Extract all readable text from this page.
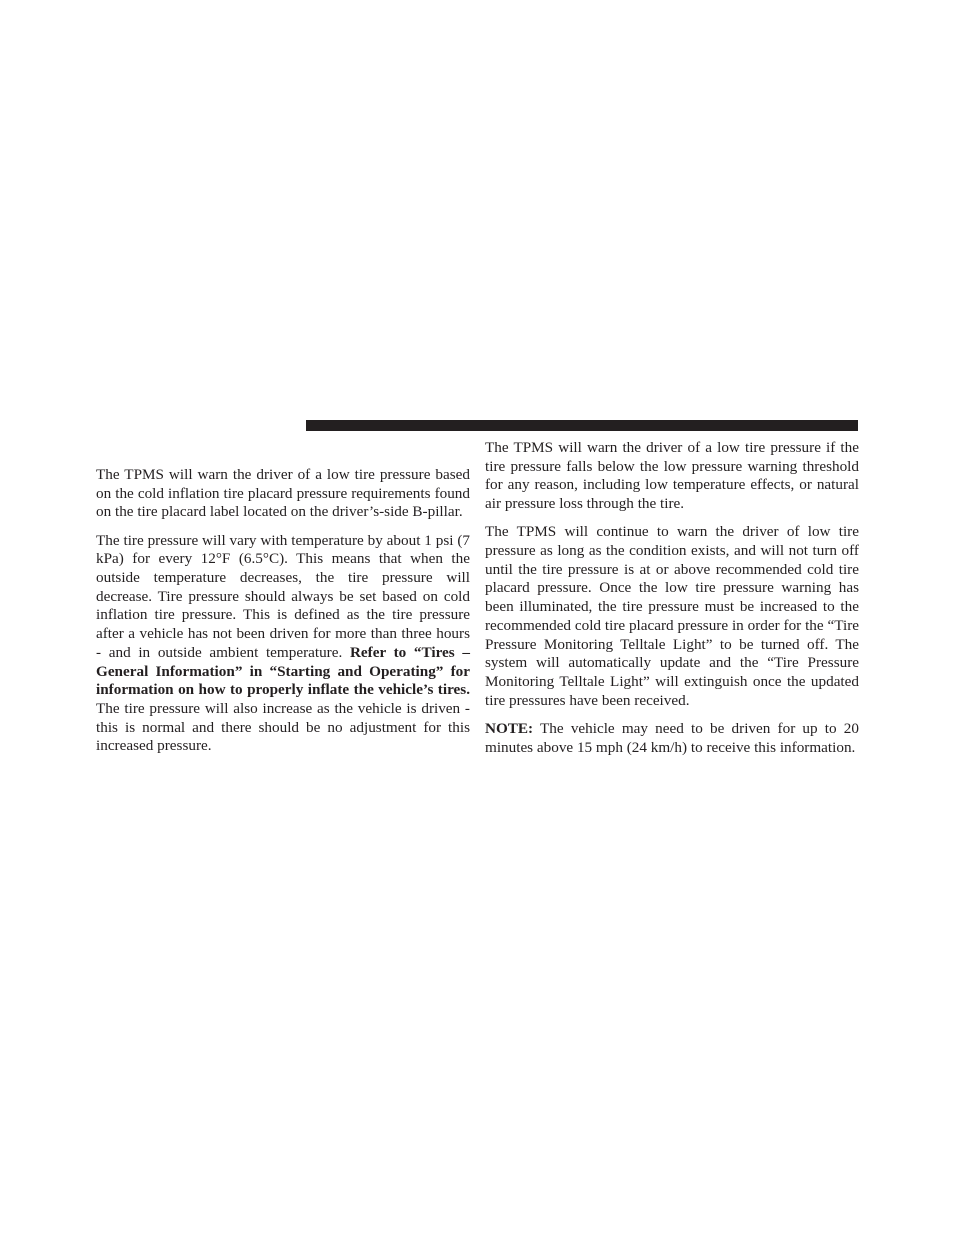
The TPMS will warn the driver of a low tire pressure based on the cold inflation tire placard pressure requirements found on the tire placard label located on the driver’s-side B-pillar.

The tire pressure will vary with temperature by about 1 psi (7 kPa) for every 12°F (6.5°C). This means that when the outside temperature decreases, the tire pressure will decrease. Tire pressure should always be set based on cold inflation tire pressure. This is defined as the tire pressure after a vehicle has not been driven for more than three hours - and in outside ambient temperature. Refer to “Tires – General Information” in “Starting and Operating” for information on how to properly inflate the vehicle’s tires. The tire pressure will also increase as the vehicle is driven - this is normal and there should be no adjustment for this increased pressure.

The TPMS will warn the driver of a low tire pressure if the tire pressure falls below the low pressure warning threshold for any reason, including low temperature effects, or natural air pressure loss through the tire.

The TPMS will continue to warn the driver of low tire pressure as long as the condition exists, and will not turn off until the tire pressure is at or above recommended cold tire placard pressure. Once the low tire pressure warning has been illuminated, the tire pressure must be increased to the recommended cold tire placard pressure in order for the “Tire Pressure Monitoring Telltale Light” to be turned off. The system will automatically update and the “Tire Pressure Monitoring Telltale Light” will extinguish once the updated tire pressures have been received.

NOTE: The vehicle may need to be driven for up to 20 minutes above 15 mph (24 km/h) to receive this information.
